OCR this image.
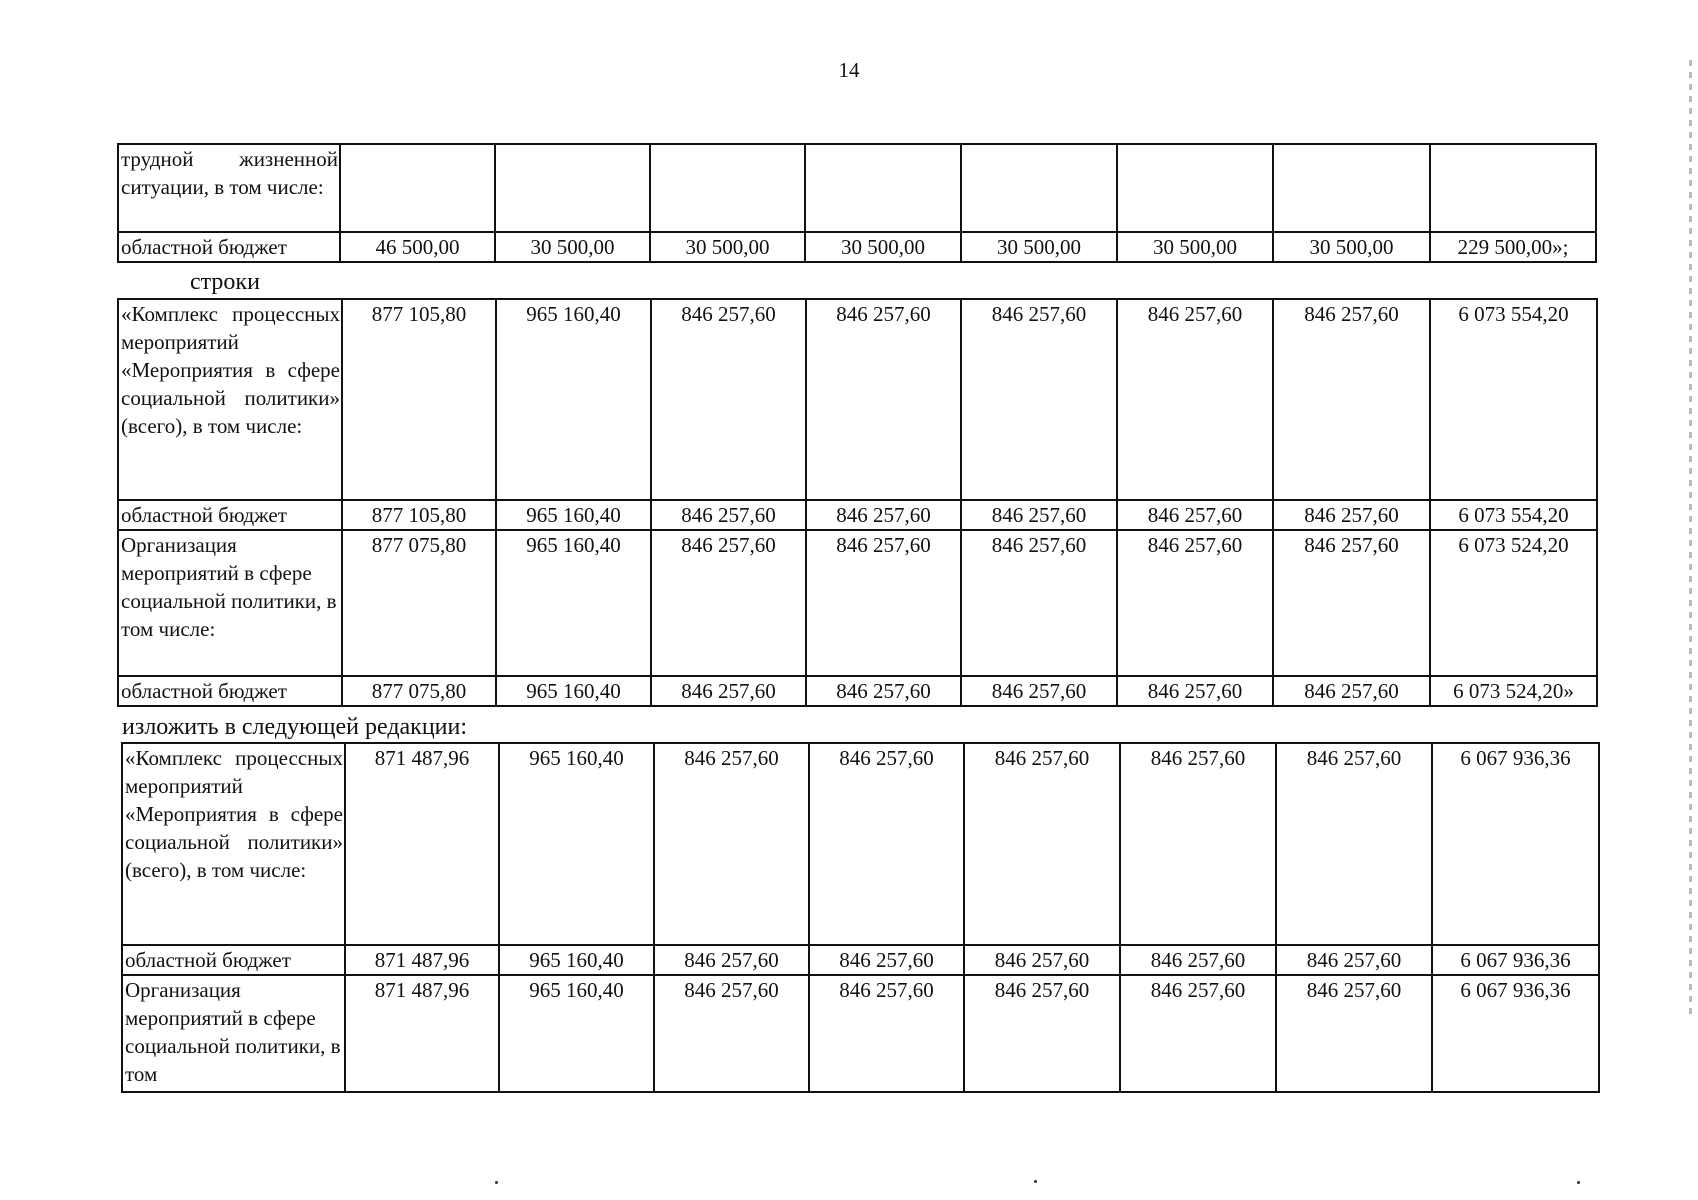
14
трудной жизненной ситуации, в том числе:								
областной бюджет	46 500,00	30 500,00	30 500,00	30 500,00	30 500,00	30 500,00	30 500,00	229 500,00»;
строки
«Комплекс процессных мероприятий «Мероприятия в сфере социальной политики» (всего), в том числе:	877 105,80	965 160,40	846 257,60	846 257,60	846 257,60	846 257,60	846 257,60	6 073 554,20
областной бюджет	877 105,80	965 160,40	846 257,60	846 257,60	846 257,60	846 257,60	846 257,60	6 073 554,20
Организация мероприятий в сфере социальной политики, в том числе:	877 075,80	965 160,40	846 257,60	846 257,60	846 257,60	846 257,60	846 257,60	6 073 524,20
областной бюджет	877 075,80	965 160,40	846 257,60	846 257,60	846 257,60	846 257,60	846 257,60	6 073 524,20»
изложить в следующей редакции:
«Комплекс процессных мероприятий «Мероприятия в сфере социальной политики» (всего), в том числе:	871 487,96	965 160,40	846 257,60	846 257,60	846 257,60	846 257,60	846 257,60	6 067 936,36
областной бюджет	871 487,96	965 160,40	846 257,60	846 257,60	846 257,60	846 257,60	846 257,60	6 067 936,36
Организация мероприятий в сфере социальной политики, в том	871 487,96	965 160,40	846 257,60	846 257,60	846 257,60	846 257,60	846 257,60	6 067 936,36
